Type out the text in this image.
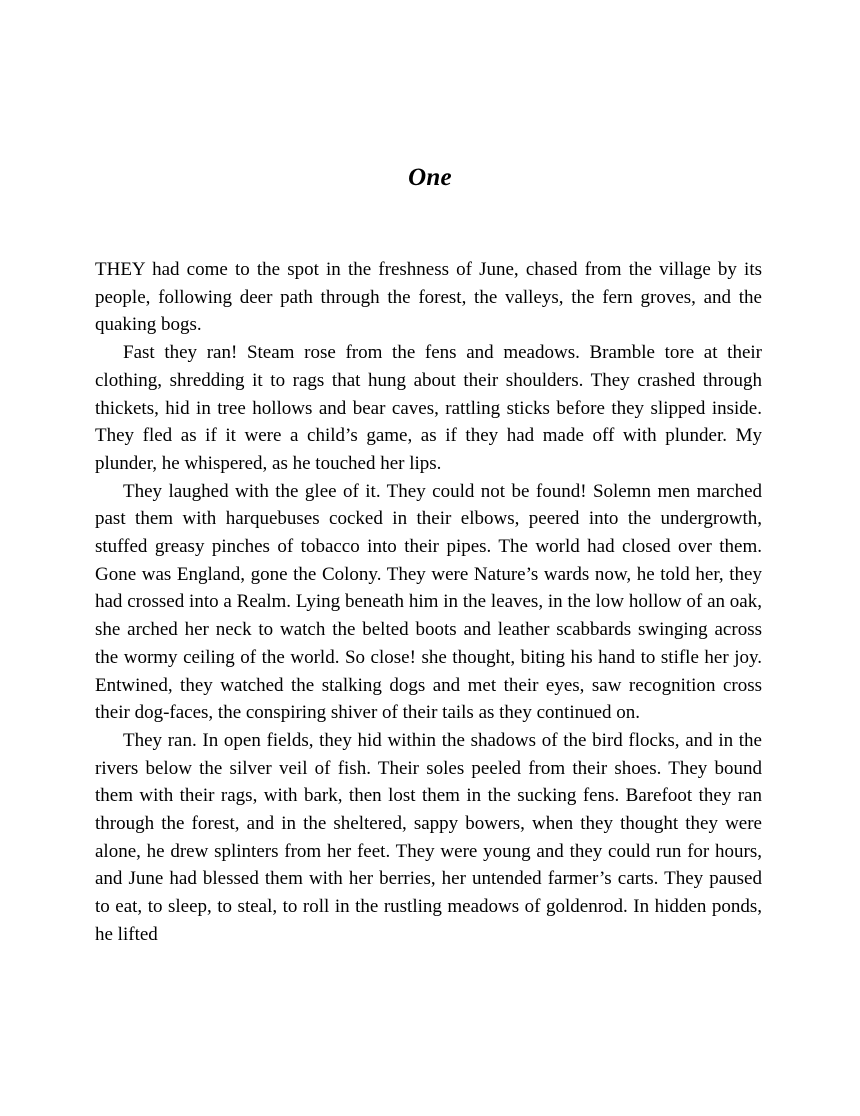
One

THEY had come to the spot in the freshness of June, chased from the village by its people, following deer path through the forest, the valleys, the fern groves, and the quaking bogs.

Fast they ran! Steam rose from the fens and meadows. Bramble tore at their clothing, shredding it to rags that hung about their shoulders. They crashed through thickets, hid in tree hollows and bear caves, rattling sticks before they slipped inside. They fled as if it were a child’s game, as if they had made off with plunder. My plunder, he whispered, as he touched her lips.

They laughed with the glee of it. They could not be found! Solemn men marched past them with harquebuses cocked in their elbows, peered into the undergrowth, stuffed greasy pinches of tobacco into their pipes. The world had closed over them. Gone was England, gone the Colony. They were Nature’s wards now, he told her, they had crossed into a Realm. Lying beneath him in the leaves, in the low hollow of an oak, she arched her neck to watch the belted boots and leather scabbards swinging across the wormy ceiling of the world. So close! she thought, biting his hand to stifle her joy. Entwined, they watched the stalking dogs and met their eyes, saw recognition cross their dog-faces, the conspiring shiver of their tails as they continued on.

They ran. In open fields, they hid within the shadows of the bird flocks, and in the rivers below the silver veil of fish. Their soles peeled from their shoes. They bound them with their rags, with bark, then lost them in the sucking fens. Barefoot they ran through the forest, and in the sheltered, sappy bowers, when they thought they were alone, he drew splinters from her feet. They were young and they could run for hours, and June had blessed them with her berries, her untended farmer’s carts. They paused to eat, to sleep, to steal, to roll in the rustling meadows of goldenrod. In hidden ponds, he lifted
